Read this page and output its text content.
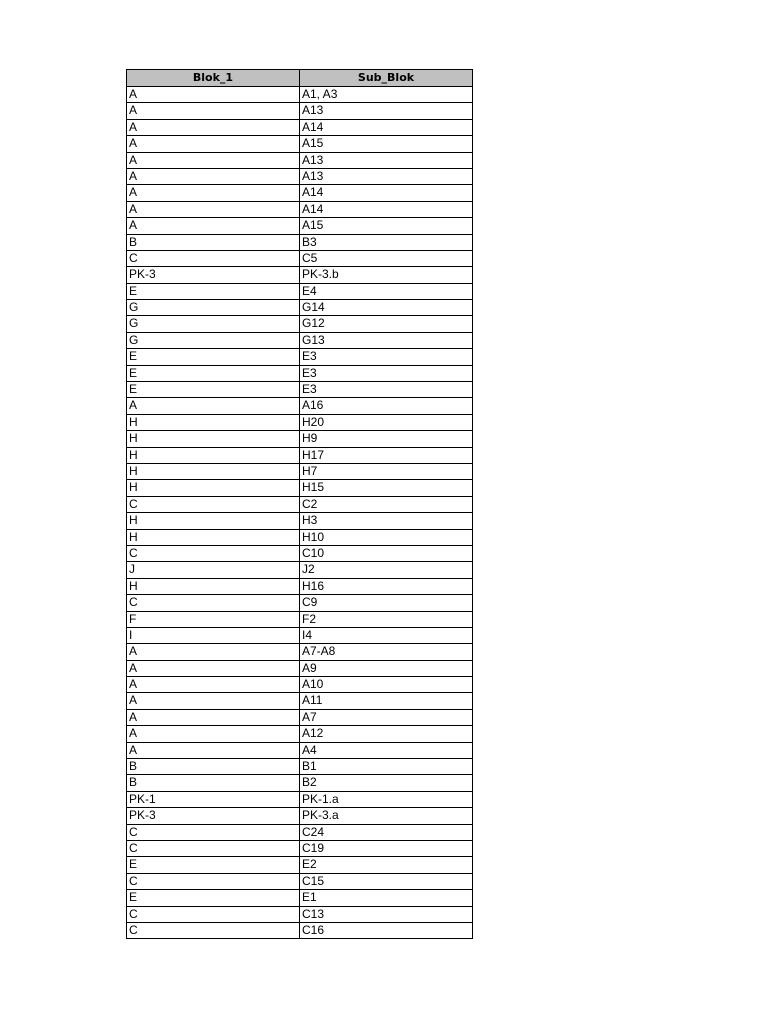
Blok_1	Sub_Blok
A	A1, A3
A	A13
A	A14
A	A15
A	A13
A	A13
A	A14
A	A14
A	A15
B	B3
C	C5
PK-3	PK-3.b
E	E4
G	G14
G	G12
G	G13
E	E3
E	E3
E	E3
A	A16
H	H20
H	H9
H	H17
H	H7
H	H15
C	C2
H	H3
H	H10
C	C10
J	J2
H	H16
C	C9
F	F2
I	I4
A	A7-A8
A	A9
A	A10
A	A11
A	A7
A	A12
A	A4
B	B1
B	B2
PK-1	PK-1.a
PK-3	PK-3.a
C	C24
C	C19
E	E2
C	C15
E	E1
C	C13
C	C16
